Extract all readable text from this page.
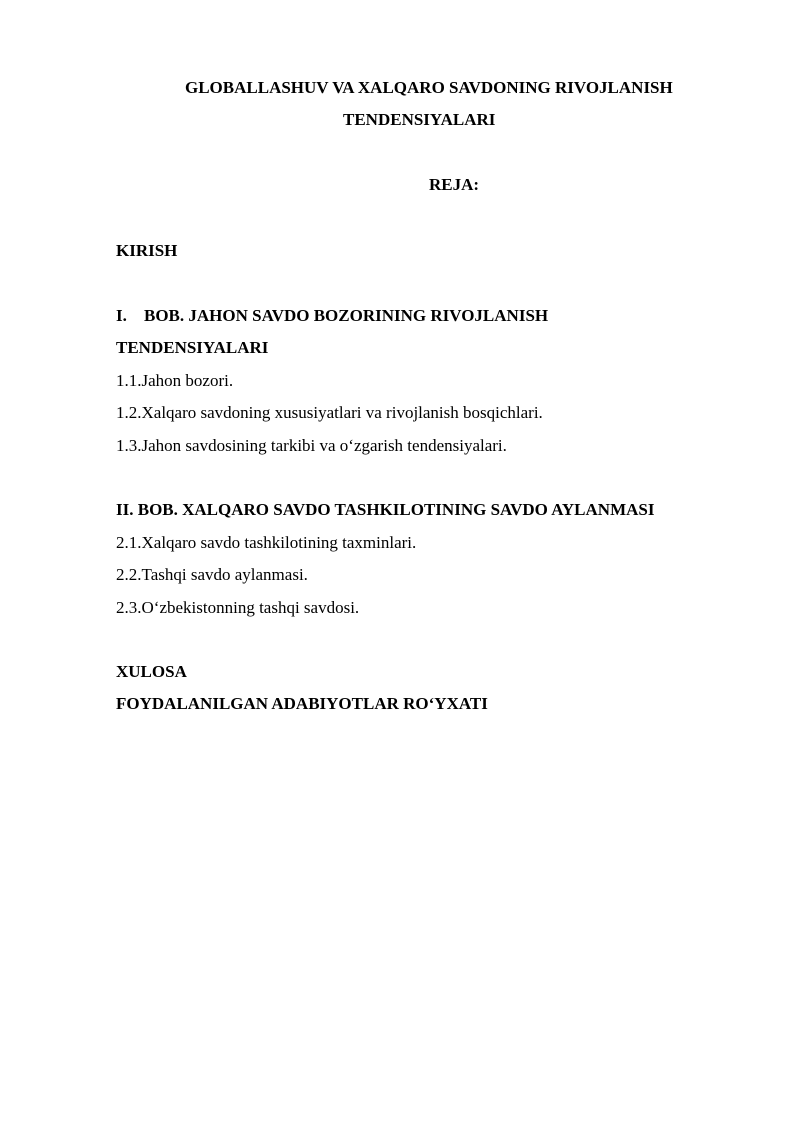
GLOBALLASHUV VA XALQARO SAVDONING RIVOJLANISH
TENDENSIYALARI
REJA:
KIRISH
I. BOB. JAHON SAVDO BOZORINING RIVOJLANISH
TENDENSIYALARI
1.1.Jahon bozori.
1.2.Xalqaro savdoning xususiyatlari va rivojlanish bosqichlari.
1.3.Jahon savdosining tarkibi va o‘zgarish tendensiyalari.
II. BOB. XALQARO SAVDO TASHKILOTINING SAVDO AYLANMASI
2.1.Xalqaro savdo tashkilotining taxminlari.
2.2.Tashqi savdo aylanmasi.
2.3.O‘zbekistonning tashqi savdosi.
XULOSA
FOYDALANILGAN ADABIYOTLAR RO‘YXATI
